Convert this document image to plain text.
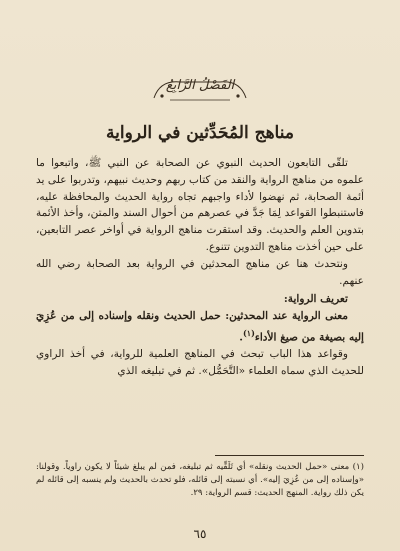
الفَصْلُ الرَّابِعُ
مناهج المُحَدِّثين في الرواية

تلقّى التابعون الحديث النبوي عن الصحابة عن النبي ﷺ، واتبعوا ما علموه من مناهج الرواية والنقد من كتاب ربهم وحديث نبيهم، وتدربوا على يد أئمة الصحابة، ثم نهضوا لأداء واجبهم تجاه رواية الحديث والمحافظة عليه، فاستنبطوا القواعد لِمَا جَدَّ في عصرهم من أحوال السند والمتن، وأخذ الأئمة بتدوين العلم والحديث. وقد استقرت مناهج الرواية في أواخر عصر التابعين، على حين أخذت مناهج التدوين تتنوع.

ونتحدث هنا عن مناهج المحدثين في الرواية بعد الصحابة رضي الله عنهم.

تعريف الرواية:

معنى الرواية عند المحدثين: حمل الحديث ونقله وإسناده إلى من عُزِيَ إليه بصيغة من صيغ الأداء$^{(١)}$.

وقواعد هذا الباب تبحث في المناهج العلمية للرواية، في أخذ الراوي للحديث الذي سماه العلماء «التَّحَمُّل». ثم في تبليغه الذي

(١) معنى «حمل الحديث ونقله» أي تَلَقِّيه ثم تبليغه، فمن لم يبلغ شيئاً لا يكون راوياً. وقولنا: «وإسناده إلى من عُزِيَ إليه». أي نسبته إلى قائله، فلو تحدث بالحديث ولم ينسبه إلى قائله لم يكن ذلك رواية. المنهج الحديث: قسم الرواية: ٢٩.
٦٥
